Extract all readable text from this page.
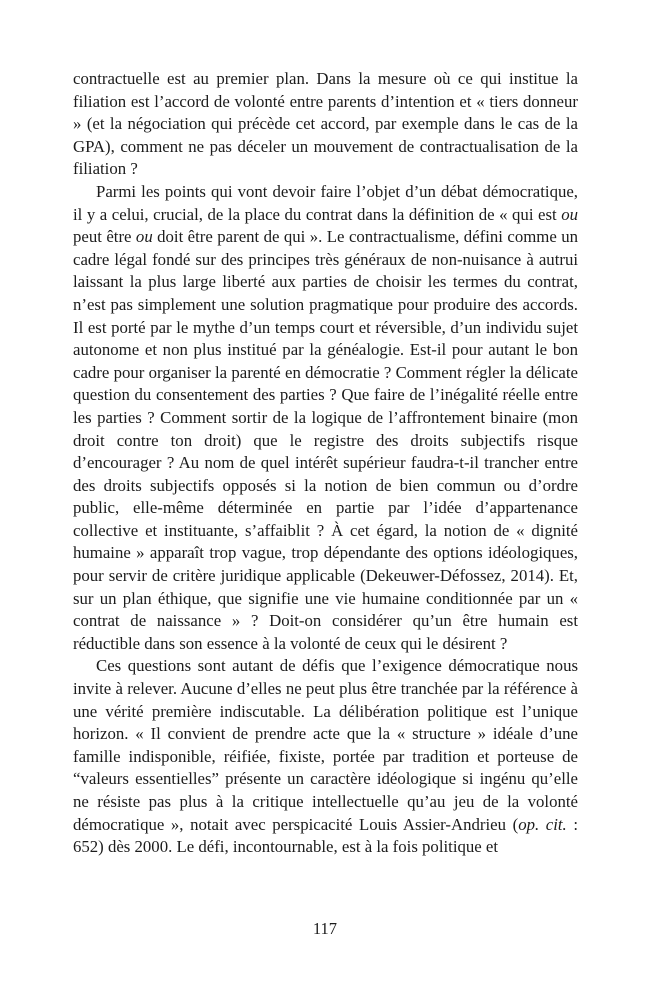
contractuelle est au premier plan. Dans la mesure où ce qui institue la filiation est l’accord de volonté entre parents d’intention et « tiers donneur » (et la négociation qui précède cet accord, par exemple dans le cas de la GPA), comment ne pas déceler un mouvement de contractualisation de la filiation ?

Parmi les points qui vont devoir faire l’objet d’un débat démocratique, il y a celui, crucial, de la place du contrat dans la définition de « qui est ou peut être ou doit être parent de qui ». Le contractualisme, défini comme un cadre légal fondé sur des principes très généraux de non-nuisance à autrui laissant la plus large liberté aux parties de choisir les termes du contrat, n’est pas simplement une solution pragmatique pour produire des accords. Il est porté par le mythe d’un temps court et réversible, d’un individu sujet autonome et non plus institué par la généalogie. Est-il pour autant le bon cadre pour organiser la parenté en démocratie ? Comment régler la délicate question du consentement des parties ? Que faire de l’inégalité réelle entre les parties ? Comment sortir de la logique de l’affrontement binaire (mon droit contre ton droit) que le registre des droits subjectifs risque d’encourager ? Au nom de quel intérêt supérieur faudra-t-il trancher entre des droits subjectifs opposés si la notion de bien commun ou d’ordre public, elle-même déterminée en partie par l’idée d’appartenance collective et instituante, s’affaiblit ? À cet égard, la notion de « dignité humaine » apparaît trop vague, trop dépendante des options idéologiques, pour servir de critère juridique applicable (Dekeuwer-Défossez, 2014). Et, sur un plan éthique, que signifie une vie humaine conditionnée par un « contrat de naissance » ? Doit-on considérer qu’un être humain est réductible dans son essence à la volonté de ceux qui le désirent ?

Ces questions sont autant de défis que l’exigence démocratique nous invite à relever. Aucune d’elles ne peut plus être tranchée par la référence à une vérité première indiscutable. La délibération politique est l’unique horizon. « Il convient de prendre acte que la « structure » idéale d’une famille indisponible, réifiée, fixiste, portée par tradition et porteuse de “valeurs essentielles” présente un caractère idéologique si ingénu qu’elle ne résiste pas plus à la critique intellectuelle qu’au jeu de la volonté démocratique », notait avec perspicacité Louis Assier-Andrieu (op. cit. : 652) dès 2000. Le défi, incontournable, est à la fois politique et

117
